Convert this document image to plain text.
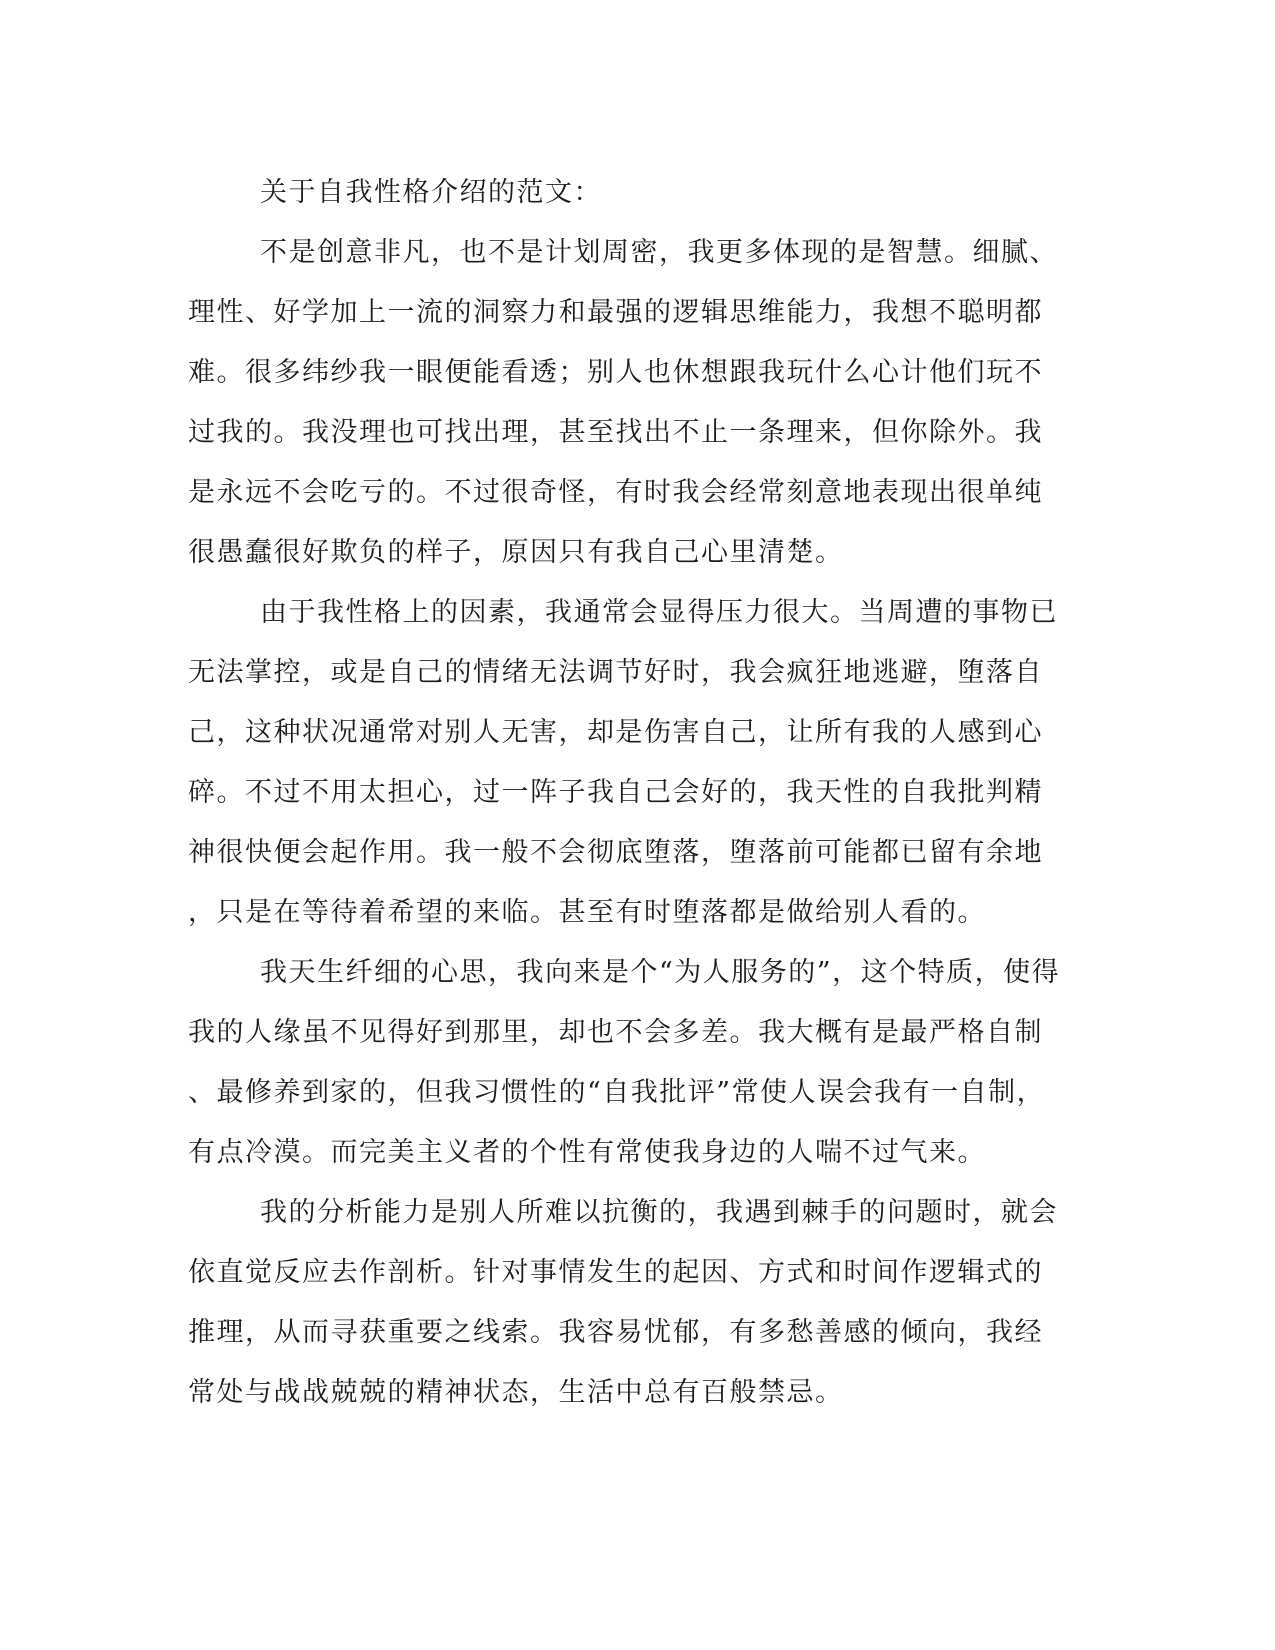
关于自我性格介绍的范文：
不是创意非凡，也不是计划周密，我更多体现的是智慧。细腻、
理性、好学加上一流的洞察力和最强的逻辑思维能力，我想不聪明都
难。很多纬纱我一眼便能看透；别人也休想跟我玩什么心计他们玩不
过我的。我没理也可找出理，甚至找出不止一条理来，但你除外。我
是永远不会吃亏的。不过很奇怪，有时我会经常刻意地表现出很单纯
很愚蠢很好欺负的样子，原因只有我自己心里清楚。
由于我性格上的因素，我通常会显得压力很大。当周遭的事物已
无法掌控，或是自己的情绪无法调节好时，我会疯狂地逃避，堕落自
己，这种状况通常对别人无害，却是伤害自己，让所有我的人感到心
碎。不过不用太担心，过一阵子我自己会好的，我天性的自我批判精
神很快便会起作用。我一般不会彻底堕落，堕落前可能都已留有余地
，只是在等待着希望的来临。甚至有时堕落都是做给别人看的。
我天生纤细的心思，我向来是个“为人服务的”，这个特质，使得
我的人缘虽不见得好到那里，却也不会多差。我大概有是最严格自制
、最修养到家的，但我习惯性的“自我批评”常使人误会我有一自制，
有点冷漠。而完美主义者的个性有常使我身边的人喘不过气来。
我的分析能力是别人所难以抗衡的，我遇到棘手的问题时，就会
依直觉反应去作剖析。针对事情发生的起因、方式和时间作逻辑式的
推理，从而寻获重要之线索。我容易忧郁，有多愁善感的倾向，我经
常处与战战兢兢的精神状态，生活中总有百般禁忌。
